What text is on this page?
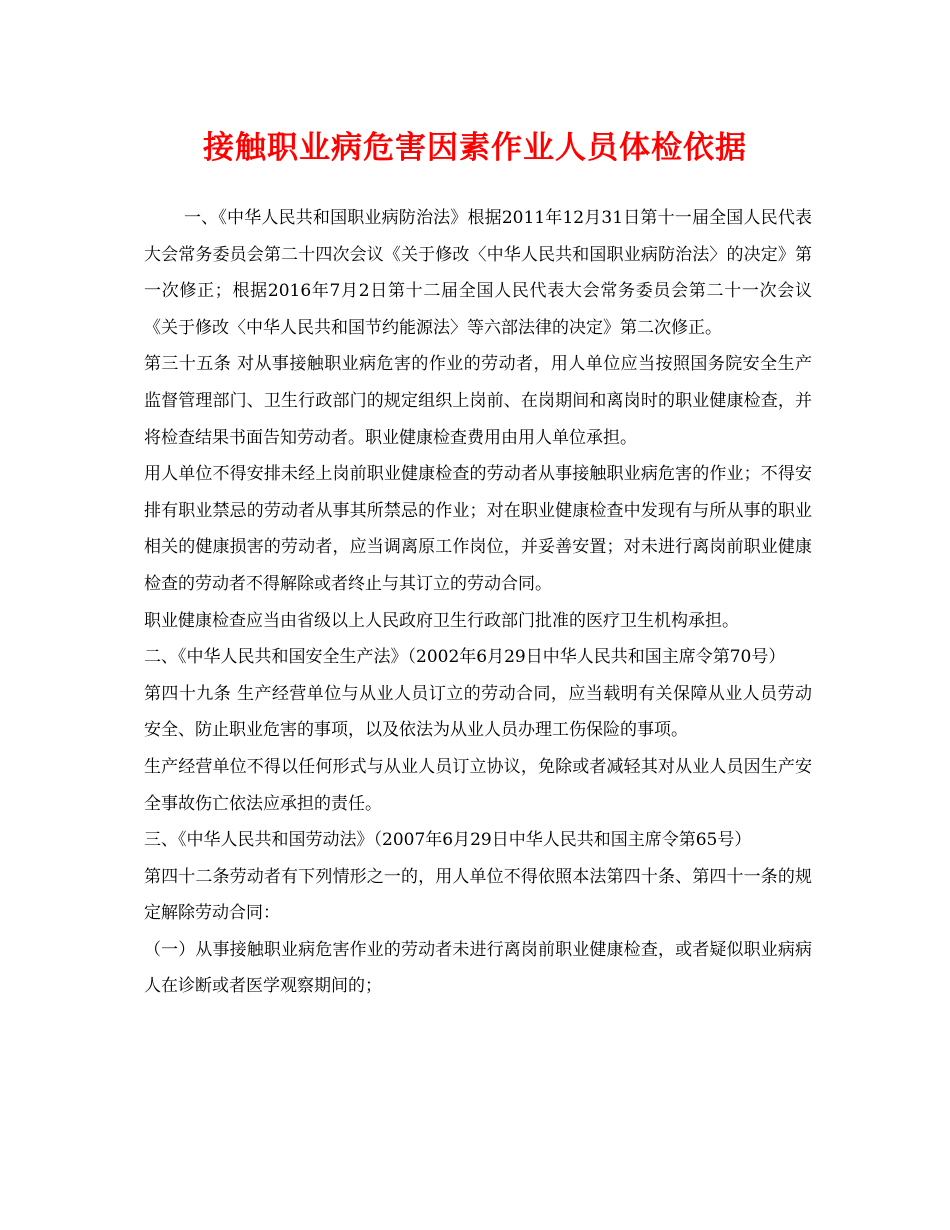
接触职业病危害因素作业人员体检依据

一、《中华人民共和国职业病防治法》根据2011年12月31日第十一届全国人民代表大会常务委员会第二十四次会议《关于修改〈中华人民共和国职业病防治法〉的决定》第一次修正；根据2016年7月2日第十二届全国人民代表大会常务委员会第二十一次会议《关于修改〈中华人民共和国节约能源法〉等六部法律的决定》第二次修正。

第三十五条 对从事接触职业病危害的作业的劳动者，用人单位应当按照国务院安全生产监督管理部门、卫生行政部门的规定组织上岗前、在岗期间和离岗时的职业健康检查，并将检查结果书面告知劳动者。职业健康检查费用由用人单位承担。

用人单位不得安排未经上岗前职业健康检查的劳动者从事接触职业病危害的作业；不得安排有职业禁忌的劳动者从事其所禁忌的作业；对在职业健康检查中发现有与所从事的职业相关的健康损害的劳动者，应当调离原工作岗位，并妥善安置；对未进行离岗前职业健康检查的劳动者不得解除或者终止与其订立的劳动合同。

职业健康检查应当由省级以上人民政府卫生行政部门批准的医疗卫生机构承担。

二、《中华人民共和国安全生产法》（2002年6月29日中华人民共和国主席令第70号）

第四十九条 生产经营单位与从业人员订立的劳动合同，应当载明有关保障从业人员劳动安全、防止职业危害的事项，以及依法为从业人员办理工伤保险的事项。

生产经营单位不得以任何形式与从业人员订立协议，免除或者减轻其对从业人员因生产安全事故伤亡依法应承担的责任。

三、《中华人民共和国劳动法》（2007年6月29日中华人民共和国主席令第65号）

第四十二条劳动者有下列情形之一的，用人单位不得依照本法第四十条、第四十一条的规定解除劳动合同：

（一）从事接触职业病危害作业的劳动者未进行离岗前职业健康检查，或者疑似职业病病人在诊断或者医学观察期间的；
